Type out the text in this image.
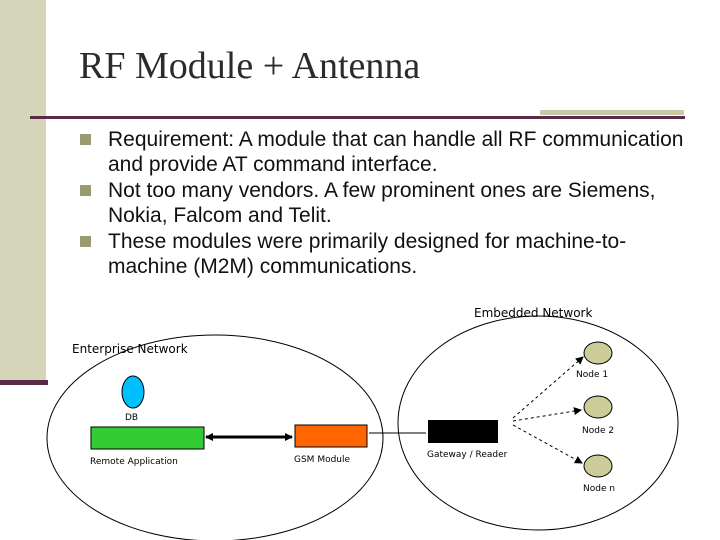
RF Module + Antenna
Requirement: A module that can handle all RF communication and provide AT command interface.
Not too many vendors. A few prominent ones are Siemens, Nokia, Falcom and Telit.
These modules were primarily designed for machine-to-machine (M2M) communications.
Embedded Network
Enterprise Network
DB
Remote Application	GSM Module	Gateway / Reader
Node 1
Node 2
Node n
